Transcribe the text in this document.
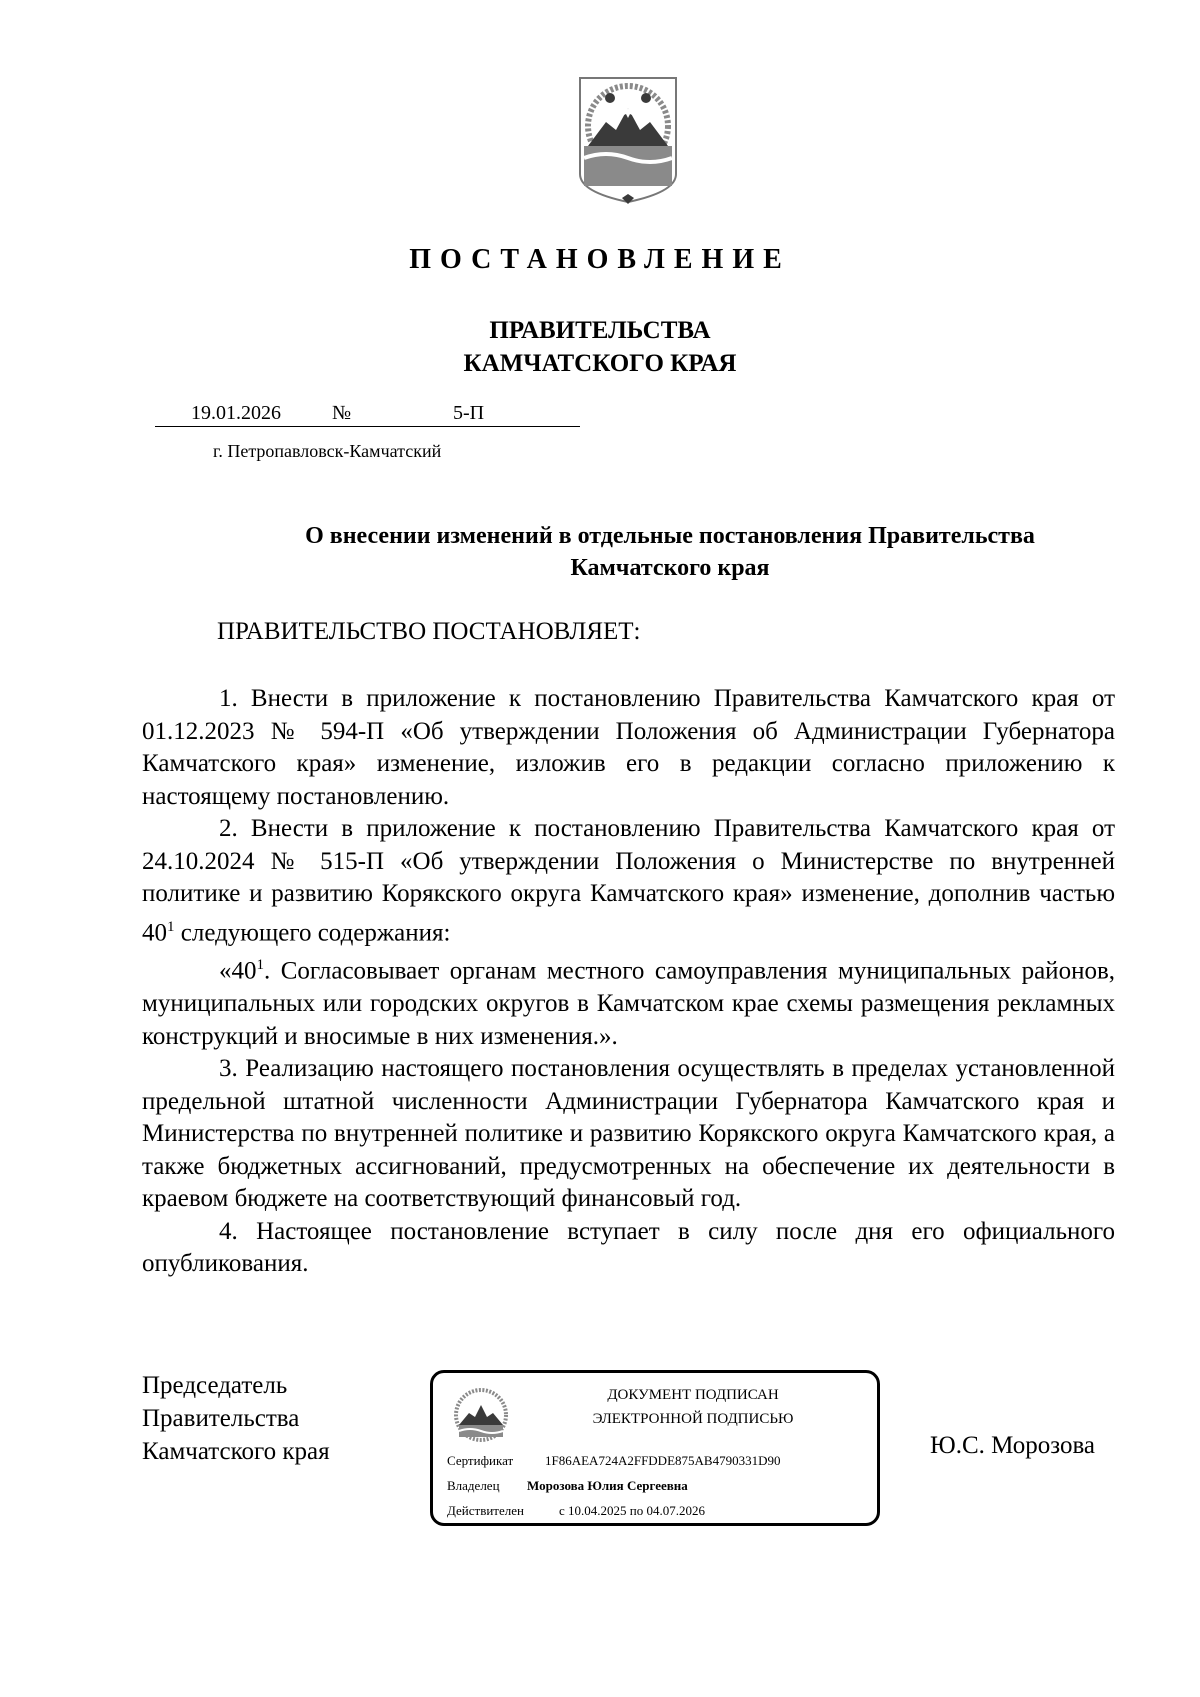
ПОСТАНОВЛЕНИЕ
ПРАВИТЕЛЬСТВА
КАМЧАТСКОГО КРАЯ
19.01.2026	№	5-П
г. Петропавловск-Камчатский
О внесении изменений в отдельные постановления Правительства
Камчатского края
ПРАВИТЕЛЬСТВО ПОСТАНОВЛЯЕТ:

1. Внести в приложение к постановлению Правительства Камчатского края от 01.12.2023 № 594-П «Об утверждении Положения об Администрации Губернатора Камчатского края» изменение, изложив его в редакции согласно приложению к настоящему постановлению.

2. Внести в приложение к постановлению Правительства Камчатского края от 24.10.2024 № 515-П «Об утверждении Положения о Министерстве по внутренней политике и развитию Корякского округа Камчатского края» изменение, дополнив частью $40^1$ следующего содержания:

«$40^1$. Согласовывает органам местного самоуправления муниципальных районов, муниципальных или городских округов в Камчатском крае схемы размещения рекламных конструкций и вносимые в них изменения.».

3. Реализацию настоящего постановления осуществлять в пределах установленной предельной штатной численности Администрации Губернатора Камчатского края и Министерства по внутренней политике и развитию Корякского округа Камчатского края, а также бюджетных ассигнований, предусмотренных на обеспечение их деятельности в краевом бюджете на соответствующий финансовый год.

4. Настоящее постановление вступает в силу после дня его официального опубликования.

Председатель
Правительства
Камчатского края
ДОКУМЕНТ ПОДПИСАН
ЭЛЕКТРОННОЙ ПОДПИСЬЮ
Сертификат 1F86AEA724A2FFDDE875AB4790331D90
Владелец Морозова Юлия Сергеевна
Действителен	с 10.04.2025 по 04.07.2026
Ю.С. Морозова
